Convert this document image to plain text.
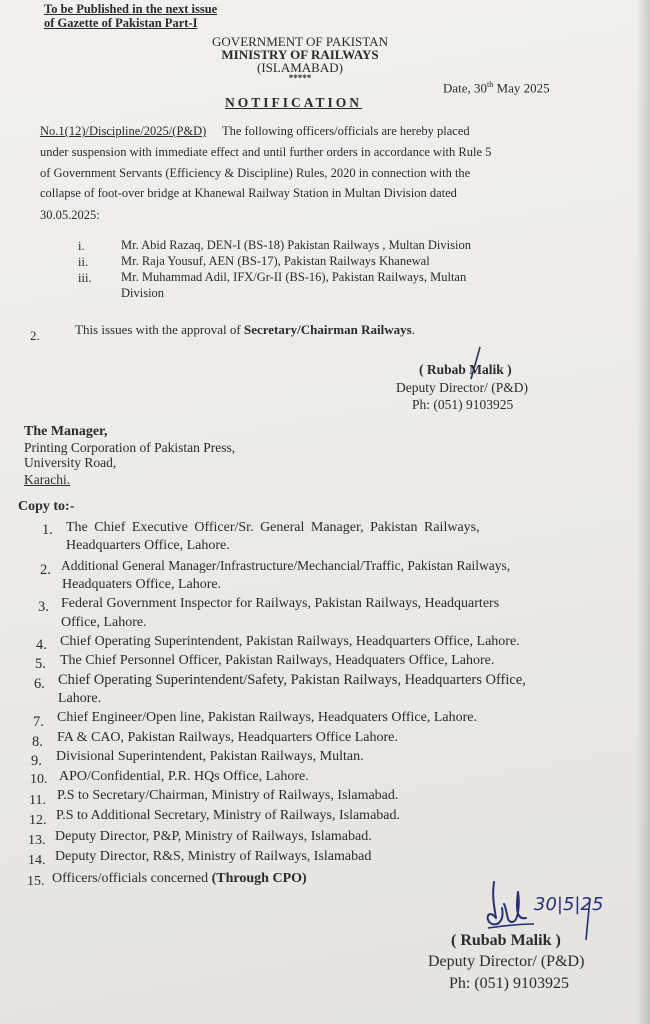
To be Published in the next issue
of Gazette of Pakistan Part-I
GOVERNMENT OF PAKISTAN
MINISTRY OF RAILWAYS
(ISLAMABAD)
*****
Date, 30th May 2025
NOTIFICATION
No.1(12)/Discipline/2025/(P&D) The following officers/officials are hereby placed
under suspension with immediate effect and until further orders in accordance with Rule 5
of Government Servants (Efficiency & Discipline) Rules, 2020 in connection with the
collapse of foot-over bridge at Khanewal Railway Station in Multan Division dated
30.05.2025:
i.	Mr. Abid Razaq, DEN-I (BS-18) Pakistan Railways , Multan Division
ii.	Mr. Raja Yousuf, AEN (BS-17), Pakistan Railways Khanewal
iii. Mr. Muhammad Adil, IFX/Gr-II (BS-16), Pakistan Railways, Multan
Division
2.	This issues with the approval of Secretary/Chairman Railways.
( Rubab Malik )
Deputy Director/ (P&D)
Ph: (051) 9103925
The Manager,
Printing Corporation of Pakistan Press,
University Road,
Karachi.
Copy to:-
1. The Chief Executive Officer/Sr. General Manager, Pakistan Railways,
Headquarters Office, Lahore.
2. Additional General Manager/Infrastructure/Mechancial/Traffic, Pakistan Railways,
Headquaters Office, Lahore.
3. Federal Government Inspector for Railways, Pakistan Railways, Headquarters
Office, Lahore.
4. Chief Operating Superintendent, Pakistan Railways, Headquarters Office, Lahore.
5. The Chief Personnel Officer, Pakistan Railways, Headquaters Office, Lahore.
6. Chief Operating Superintendent/Safety, Pakistan Railways, Headquarters Office,
Lahore.
7. Chief Engineer/Open line, Pakistan Railways, Headquaters Office, Lahore.
8. FA & CAO, Pakistan Railways, Headquarters Office Lahore.
9. Divisional Superintendent, Pakistan Railways, Multan.
10. APO/Confidential, P.R. HQs Office, Lahore.
11. P.S to Secretary/Chairman, Ministry of Railways, Islamabad.
12. P.S to Additional Secretary, Ministry of Railways, Islamabad.
13. Deputy Director, P&P, Ministry of Railways, Islamabad.
14. Deputy Director, R&S, Ministry of Railways, Islamabad
15. Officers/officials concerned (Through CPO)
30|5|25
( Rubab Malik )
Deputy Director/ (P&D)
Ph: (051) 9103925
